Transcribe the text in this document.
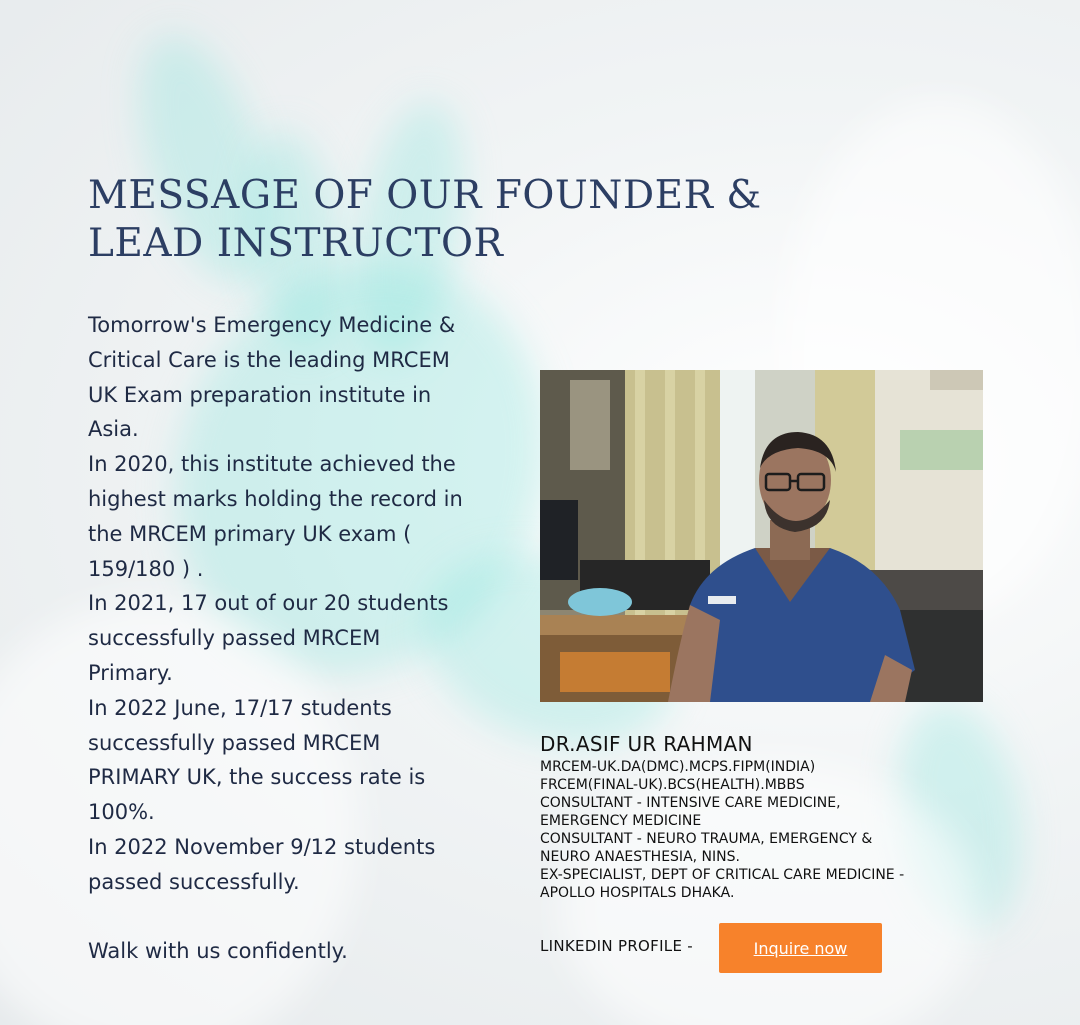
MESSAGE OF OUR FOUNDER &
LEAD INSTRUCTOR

Tomorrow's Emergency Medicine &

Critical Care is the leading MRCEM

UK Exam preparation institute in

Asia.

In 2020, this institute achieved the

highest marks holding the record in

the MRCEM primary UK exam (

159/180 ) .

In 2021, 17 out of our 20 students

successfully passed MRCEM

Primary.

In 2022 June, 17/17 students

successfully passed MRCEM

PRIMARY UK, the success rate is

100%.

In 2022 November 9/12 students

passed successfully.

Walk with us confidently.

DR.ASIF UR RAHMAN
MRCEM-UK.DA(DMC).MCPS.FIPM(INDIA)
FRCEM(FINAL-UK).BCS(HEALTH).MBBS
CONSULTANT - INTENSIVE CARE MEDICINE,
EMERGENCY MEDICINE
CONSULTANT - NEURO TRAUMA, EMERGENCY &
NEURO ANAESTHESIA, NINS.
EX-SPECIALIST, DEPT OF CRITICAL CARE MEDICINE -
APOLLO HOSPITALS DHAKA.
LINKEDIN PROFILE -	Inquire now
